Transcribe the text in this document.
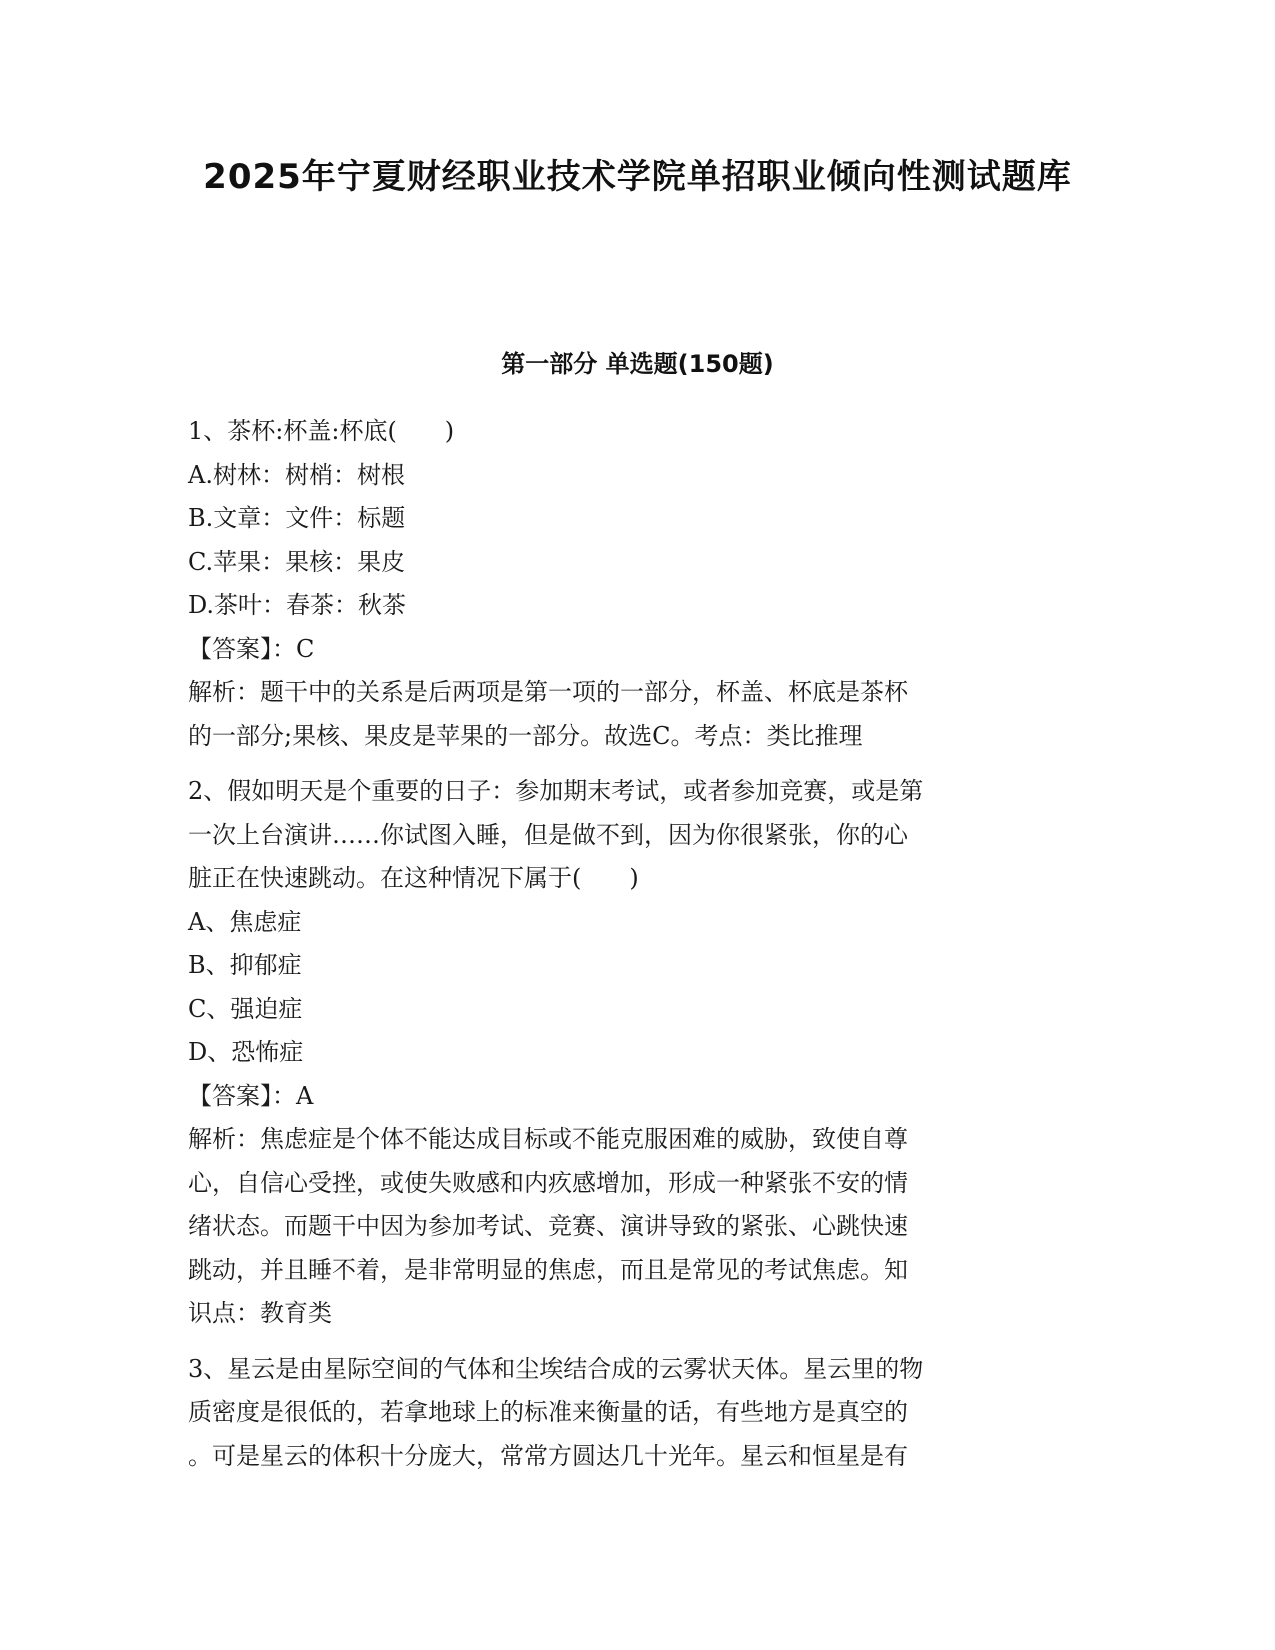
2025年宁夏财经职业技术学院单招职业倾向性测试题库
第一部分 单选题(150题)
1、茶杯:杯盖:杯底(　　)
A.树林：树梢：树根
B.文章：文件：标题
C.苹果：果核：果皮
D.茶叶：春茶：秋茶
【答案】：C
解析：题干中的关系是后两项是第一项的一部分，杯盖、杯底是茶杯
的一部分;果核、果皮是苹果的一部分。故选C。考点：类比推理
2、假如明天是个重要的日子：参加期末考试，或者参加竞赛，或是第
一次上台演讲……你试图入睡，但是做不到，因为你很紧张，你的心
脏正在快速跳动。在这种情况下属于(　　)
A、焦虑症
B、抑郁症
C、强迫症
D、恐怖症
【答案】：A
解析：焦虑症是个体不能达成目标或不能克服困难的威胁，致使自尊
心，自信心受挫，或使失败感和内疚感增加，形成一种紧张不安的情
绪状态。而题干中因为参加考试、竞赛、演讲导致的紧张、心跳快速
跳动，并且睡不着，是非常明显的焦虑，而且是常见的考试焦虑。知
识点：教育类
3、星云是由星际空间的气体和尘埃结合成的云雾状天体。星云里的物
质密度是很低的，若拿地球上的标准来衡量的话，有些地方是真空的
。可是星云的体积十分庞大，常常方圆达几十光年。星云和恒星是有
